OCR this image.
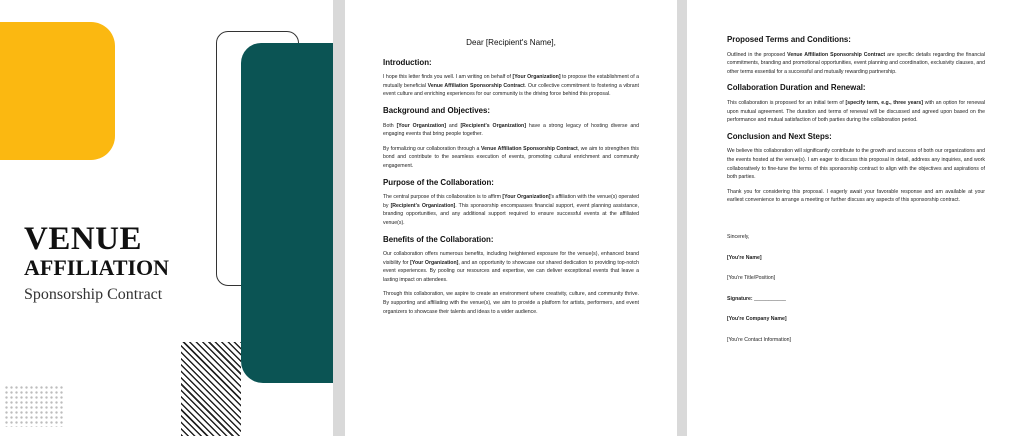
VENUE
AFFILIATION
Sponsorship Contract
Dear [Recipient's Name],
Introduction:

I hope this letter finds you well. I am writing on behalf of [Your Organization] to propose the establishment of a mutually beneficial Venue Affiliation Sponsorship Contract. Our collective commitment to fostering a vibrant event culture and enriching experiences for our community is the driving force behind this proposal.

Background and Objectives:

Both [Your Organization] and [Recipient's Organization] have a strong legacy of hosting diverse and engaging events that bring people together.

By formalizing our collaboration through a Venue Affiliation Sponsorship Contract, we aim to strengthen this bond and contribute to the seamless execution of events, promoting cultural enrichment and community engagement.

Purpose of the Collaboration:

The central purpose of this collaboration is to affirm [Your Organization]'s affiliation with the venue(s) operated by [Recipient's Organization]. This sponsorship encompasses financial support, event planning assistance, branding opportunities, and any additional support required to ensure successful events at the affiliated venue(s).

Benefits of the Collaboration:

Our collaboration offers numerous benefits, including heightened exposure for the venue(s), enhanced brand visibility for [Your Organization], and an opportunity to showcase our shared dedication to providing top-notch event experiences. By pooling our resources and expertise, we can deliver exceptional events that leave a lasting impact on attendees.

Through this collaboration, we aspire to create an environment where creativity, culture, and community thrive. By supporting and affiliating with the venue(s), we aim to provide a platform for artists, performers, and event organizers to showcase their talents and ideas to a wider audience.

Proposed Terms and Conditions:

Outlined in the proposed Venue Affiliation Sponsorship Contract are specific details regarding the financial commitments, branding and promotional opportunities, event planning and coordination, exclusivity clauses, and other terms essential for a successful and mutually rewarding partnership.

Collaboration Duration and Renewal:

This collaboration is proposed for an initial term of [specify term, e.g., three years] with an option for renewal upon mutual agreement. The duration and terms of renewal will be discussed and agreed upon based on the performance and mutual satisfaction of both parties during the collaboration period.

Conclusion and Next Steps:

We believe this collaboration will significantly contribute to the growth and success of both our organizations and the events hosted at the venue(s). I am eager to discuss this proposal in detail, address any inquiries, and work collaboratively to fine-tune the terms of this sponsorship contract to align with the objectives and aspirations of both parties.

Thank you for considering this proposal. I eagerly await your favorable response and am available at your earliest convenience to arrange a meeting or further discuss any aspects of this sponsorship contract.

Sincerely,

[You're Name]

[You're Title/Position]

Signature: ___________

[You're Company Name]

[You're Contact Information]
